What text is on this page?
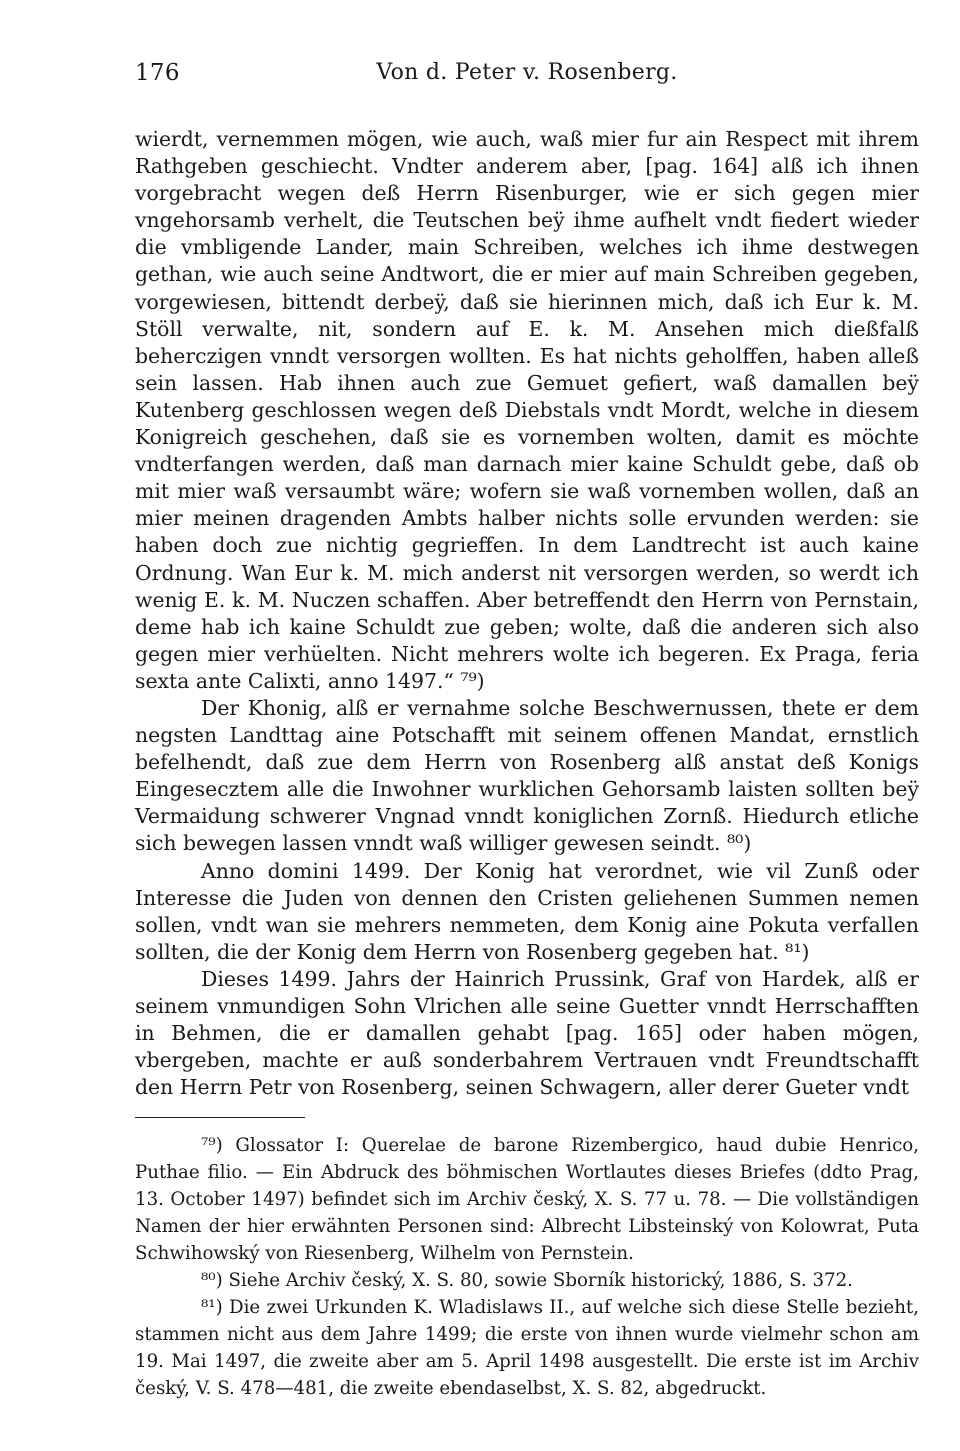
176	Von d. Peter v. Rosenberg.

wierdt, vernemmen mögen, wie auch, waß mier fur ain Respect mit ihrem Rathgeben geschiecht. Vndter anderem aber, [pag. 164] alß ich ihnen vorgebracht wegen deß Herrn Risenburger, wie er sich gegen mier vngehorsamb verhelt, die Teutschen beÿ ihme aufhelt vndt fiedert wieder die vmbligende Lander, main Schreiben, welches ich ihme destwegen gethan, wie auch seine Andtwort, die er mier auf main Schreiben gegeben, vorgewiesen, bittendt derbeÿ, daß sie hierinnen mich, daß ich Eur k. M. Stöll verwalte, nit, sondern auf E. k. M. Ansehen mich dießfalß beherczigen vnndt versorgen wollten. Es hat nichts geholffen, haben alleß sein lassen. Hab ihnen auch zue Gemuet gefiert, waß damallen beÿ Kutenberg geschlossen wegen deß Diebstals vndt Mordt, welche in diesem Konigreich geschehen, daß sie es vornemben wolten, damit es möchte vndterfangen werden, daß man darnach mier kaine Schuldt gebe, daß ob mit mier waß versaumbt wäre; wofern sie waß vornemben wollen, daß an mier meinen dragenden Ambts halber nichts solle ervunden werden: sie haben doch zue nichtig gegrieffen. In dem Landtrecht ist auch kaine Ordnung. Wan Eur k. M. mich anderst nit versorgen werden, so werdt ich wenig E. k. M. Nuczen schaffen. Aber betreffendt den Herrn von Pernstain, deme hab ich kaine Schuldt zue geben; wolte, daß die anderen sich also gegen mier verhüelten. Nicht mehrers wolte ich begeren. Ex Praga, feria sexta ante Calixti, anno 1497.“ ⁷⁹)

Der Khonig, alß er vernahme solche Beschwernussen, thete er dem negsten Landttag aine Potschafft mit seinem offenen Mandat, ernstlich befelhendt, daß zue dem Herrn von Rosenberg alß anstat deß Konigs Eingesecztem alle die Inwohner wurklichen Gehorsamb laisten sollten beÿ Vermaidung schwerer Vngnad vnndt koniglichen Zornß. Hiedurch etliche sich bewegen lassen vnndt waß williger gewesen seindt. ⁸⁰)

Anno domini 1499. Der Konig hat verordnet, wie vil Zunß oder Interesse die Juden von dennen den Cristen geliehenen Summen nemen sollen, vndt wan sie mehrers nemmeten, dem Konig aine Pokuta verfallen sollten, die der Konig dem Herrn von Rosenberg gegeben hat. ⁸¹)

Dieses 1499. Jahrs der Hainrich Prussink, Graf von Hardek, alß er seinem vnmundigen Sohn Vlrichen alle seine Guetter vnndt Herrschafften in Behmen, die er damallen gehabt [pag. 165] oder haben mögen, vbergeben, machte er auß sonderbahrem Vertrauen vndt Freundtschafft den Herrn Petr von Rosenberg, seinen Schwagern, aller derer Gueter vndt

⁷⁹) Glossator I: Querelae de barone Rizembergico, haud dubie Henrico, Puthae filio. — Ein Abdruck des böhmischen Wortlautes dieses Briefes (ddto Prag, 13. October 1497) befindet sich im Archiv český, X. S. 77 u. 78. — Die vollständigen Namen der hier erwähnten Personen sind: Albrecht Libsteinský von Kolowrat, Puta Schwihowský von Riesenberg, Wilhelm von Pernstein.

⁸⁰) Siehe Archiv český, X. S. 80, sowie Sborník historický, 1886, S. 372.

⁸¹) Die zwei Urkunden K. Wladislaws II., auf welche sich diese Stelle bezieht, stammen nicht aus dem Jahre 1499; die erste von ihnen wurde vielmehr schon am 19. Mai 1497, die zweite aber am 5. April 1498 ausgestellt. Die erste ist im Archiv český, V. S. 478—481, die zweite ebendaselbst, X. S. 82, abgedruckt.
